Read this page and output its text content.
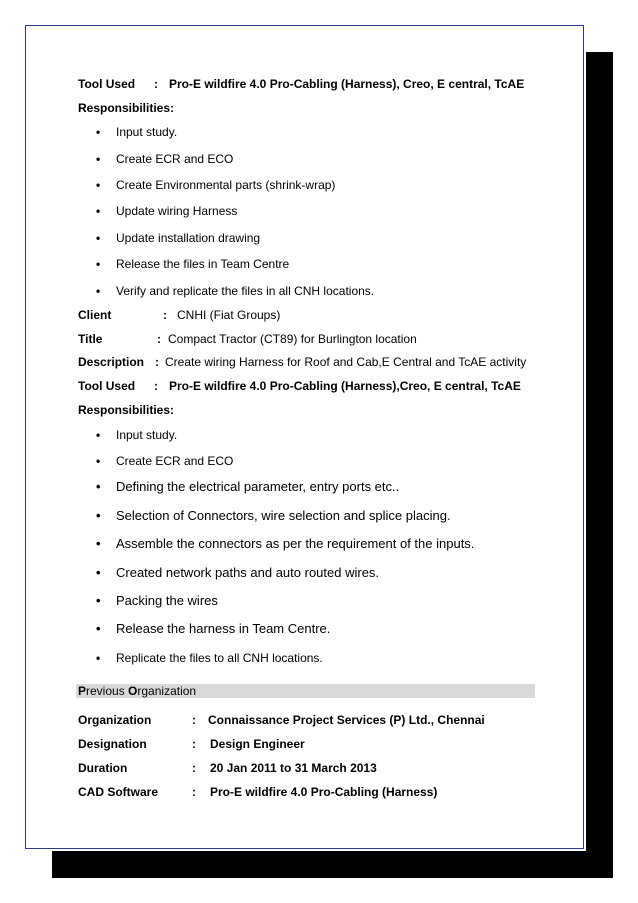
Tool Used : Pro-E wildfire 4.0 Pro-Cabling (Harness), Creo, E central, TcAE
Responsibilities:
• Input study.
• Create ECR and ECO
• Create Environmental parts (shrink-wrap)
• Update wiring Harness
• Update installation drawing
• Release the files in Team Centre
• Verify and replicate the files in all CNH locations.
Client	: CNHI (Fiat Groups)
Title	: Compact Tractor (CT89) for Burlington location
Description : Create wiring Harness for Roof and Cab,E Central and TcAE activity
Tool Used : Pro-E wildfire 4.0 Pro-Cabling (Harness),Creo, E central, TcAE
Responsibilities:
• Input study.
• Create ECR and ECO
• Defining the electrical parameter, entry ports etc..
• Selection of Connectors, wire selection and splice placing.
• Assemble the connectors as per the requirement of the inputs.
• Created network paths and auto routed wires.
• Packing the wires
• Release the harness in Team Centre.
• Replicate the files to all CNH locations.
Previous Organization
Organization	: Connaissance Project Services (P) Ltd., Chennai
Designation	: Design Engineer
Duration	: 20 Jan 2011 to 31 March 2013
CAD Software	: Pro-E wildfire 4.0 Pro-Cabling (Harness)
